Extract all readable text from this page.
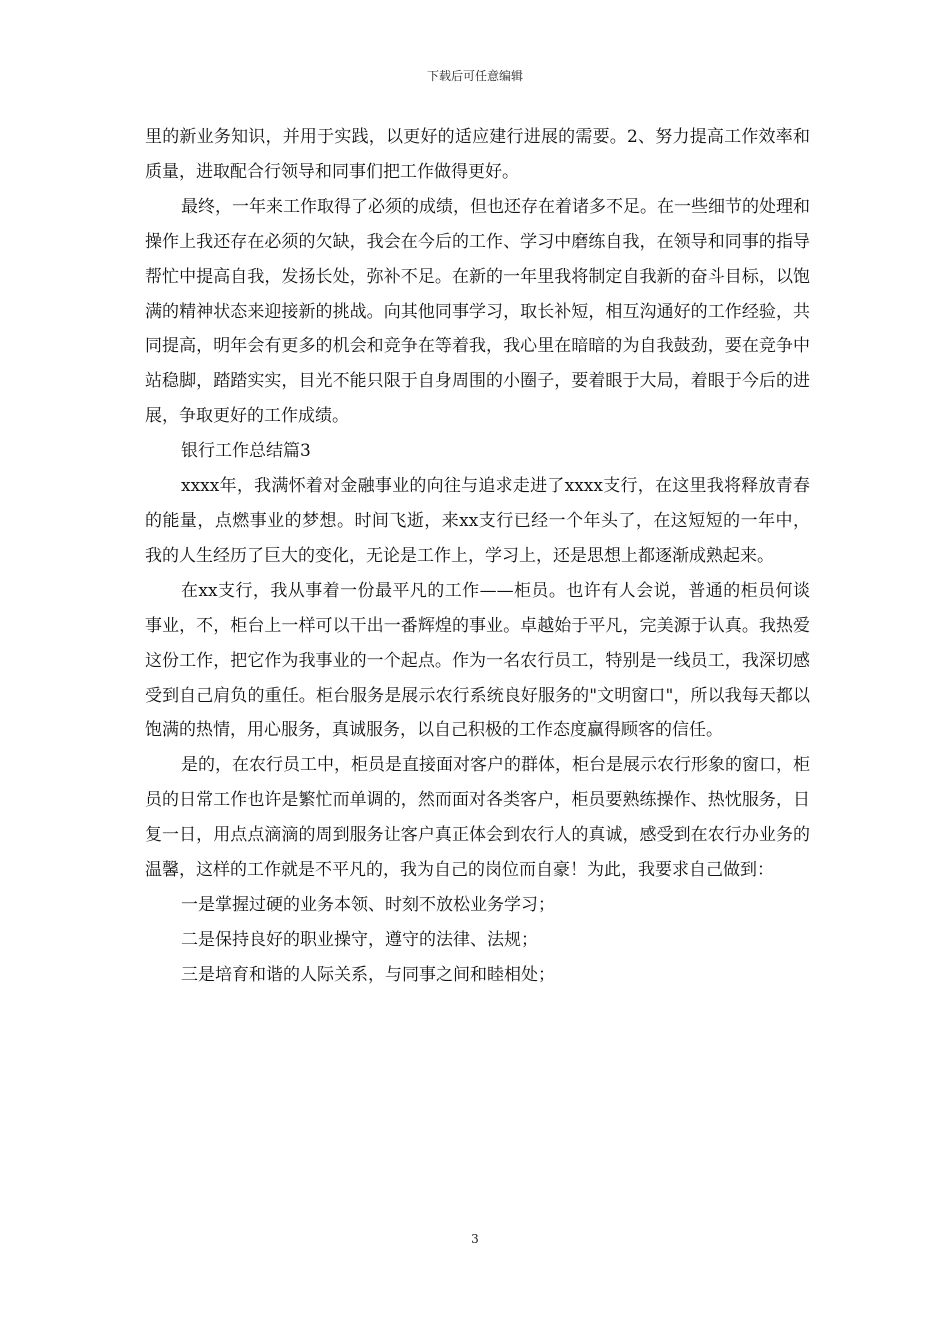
下载后可任意编辑

里的新业务知识，并用于实践，以更好的适应建行进展的需要。2、努力提高工作效率和质量，进取配合行领导和同事们把工作做得更好。

最终，一年来工作取得了必须的成绩，但也还存在着诸多不足。在一些细节的处理和操作上我还存在必须的欠缺，我会在今后的工作、学习中磨练自我，在领导和同事的指导帮忙中提高自我，发扬长处，弥补不足。在新的一年里我将制定自我新的奋斗目标，以饱满的精神状态来迎接新的挑战。向其他同事学习，取长补短，相互沟通好的工作经验，共同提高，明年会有更多的机会和竞争在等着我，我心里在暗暗的为自我鼓劲，要在竞争中站稳脚，踏踏实实，目光不能只限于自身周围的小圈子，要着眼于大局，着眼于今后的进展，争取更好的工作成绩。

银行工作总结篇3

xxxx年，我满怀着对金融事业的向往与追求走进了xxxx支行，在这里我将释放青春的能量，点燃事业的梦想。时间飞逝，来xx支行已经一个年头了，在这短短的一年中，我的人生经历了巨大的变化，无论是工作上，学习上，还是思想上都逐渐成熟起来。

在xx支行，我从事着一份最平凡的工作——柜员。也许有人会说，普通的柜员何谈事业，不，柜台上一样可以干出一番辉煌的事业。卓越始于平凡，完美源于认真。我热爱这份工作，把它作为我事业的一个起点。作为一名农行员工，特别是一线员工，我深切感受到自己肩负的重任。柜台服务是展示农行系统良好服务的"文明窗口"，所以我每天都以饱满的热情，用心服务，真诚服务，以自己积极的工作态度赢得顾客的信任。

是的，在农行员工中，柜员是直接面对客户的群体，柜台是展示农行形象的窗口，柜员的日常工作也许是繁忙而单调的，然而面对各类客户，柜员要熟练操作、热忱服务，日复一日，用点点滴滴的周到服务让客户真正体会到农行人的真诚，感受到在农行办业务的温馨，这样的工作就是不平凡的，我为自己的岗位而自豪！为此，我要求自己做到：

一是掌握过硬的业务本领、时刻不放松业务学习；

二是保持良好的职业操守，遵守的法律、法规；

三是培育和谐的人际关系，与同事之间和睦相处；

3
